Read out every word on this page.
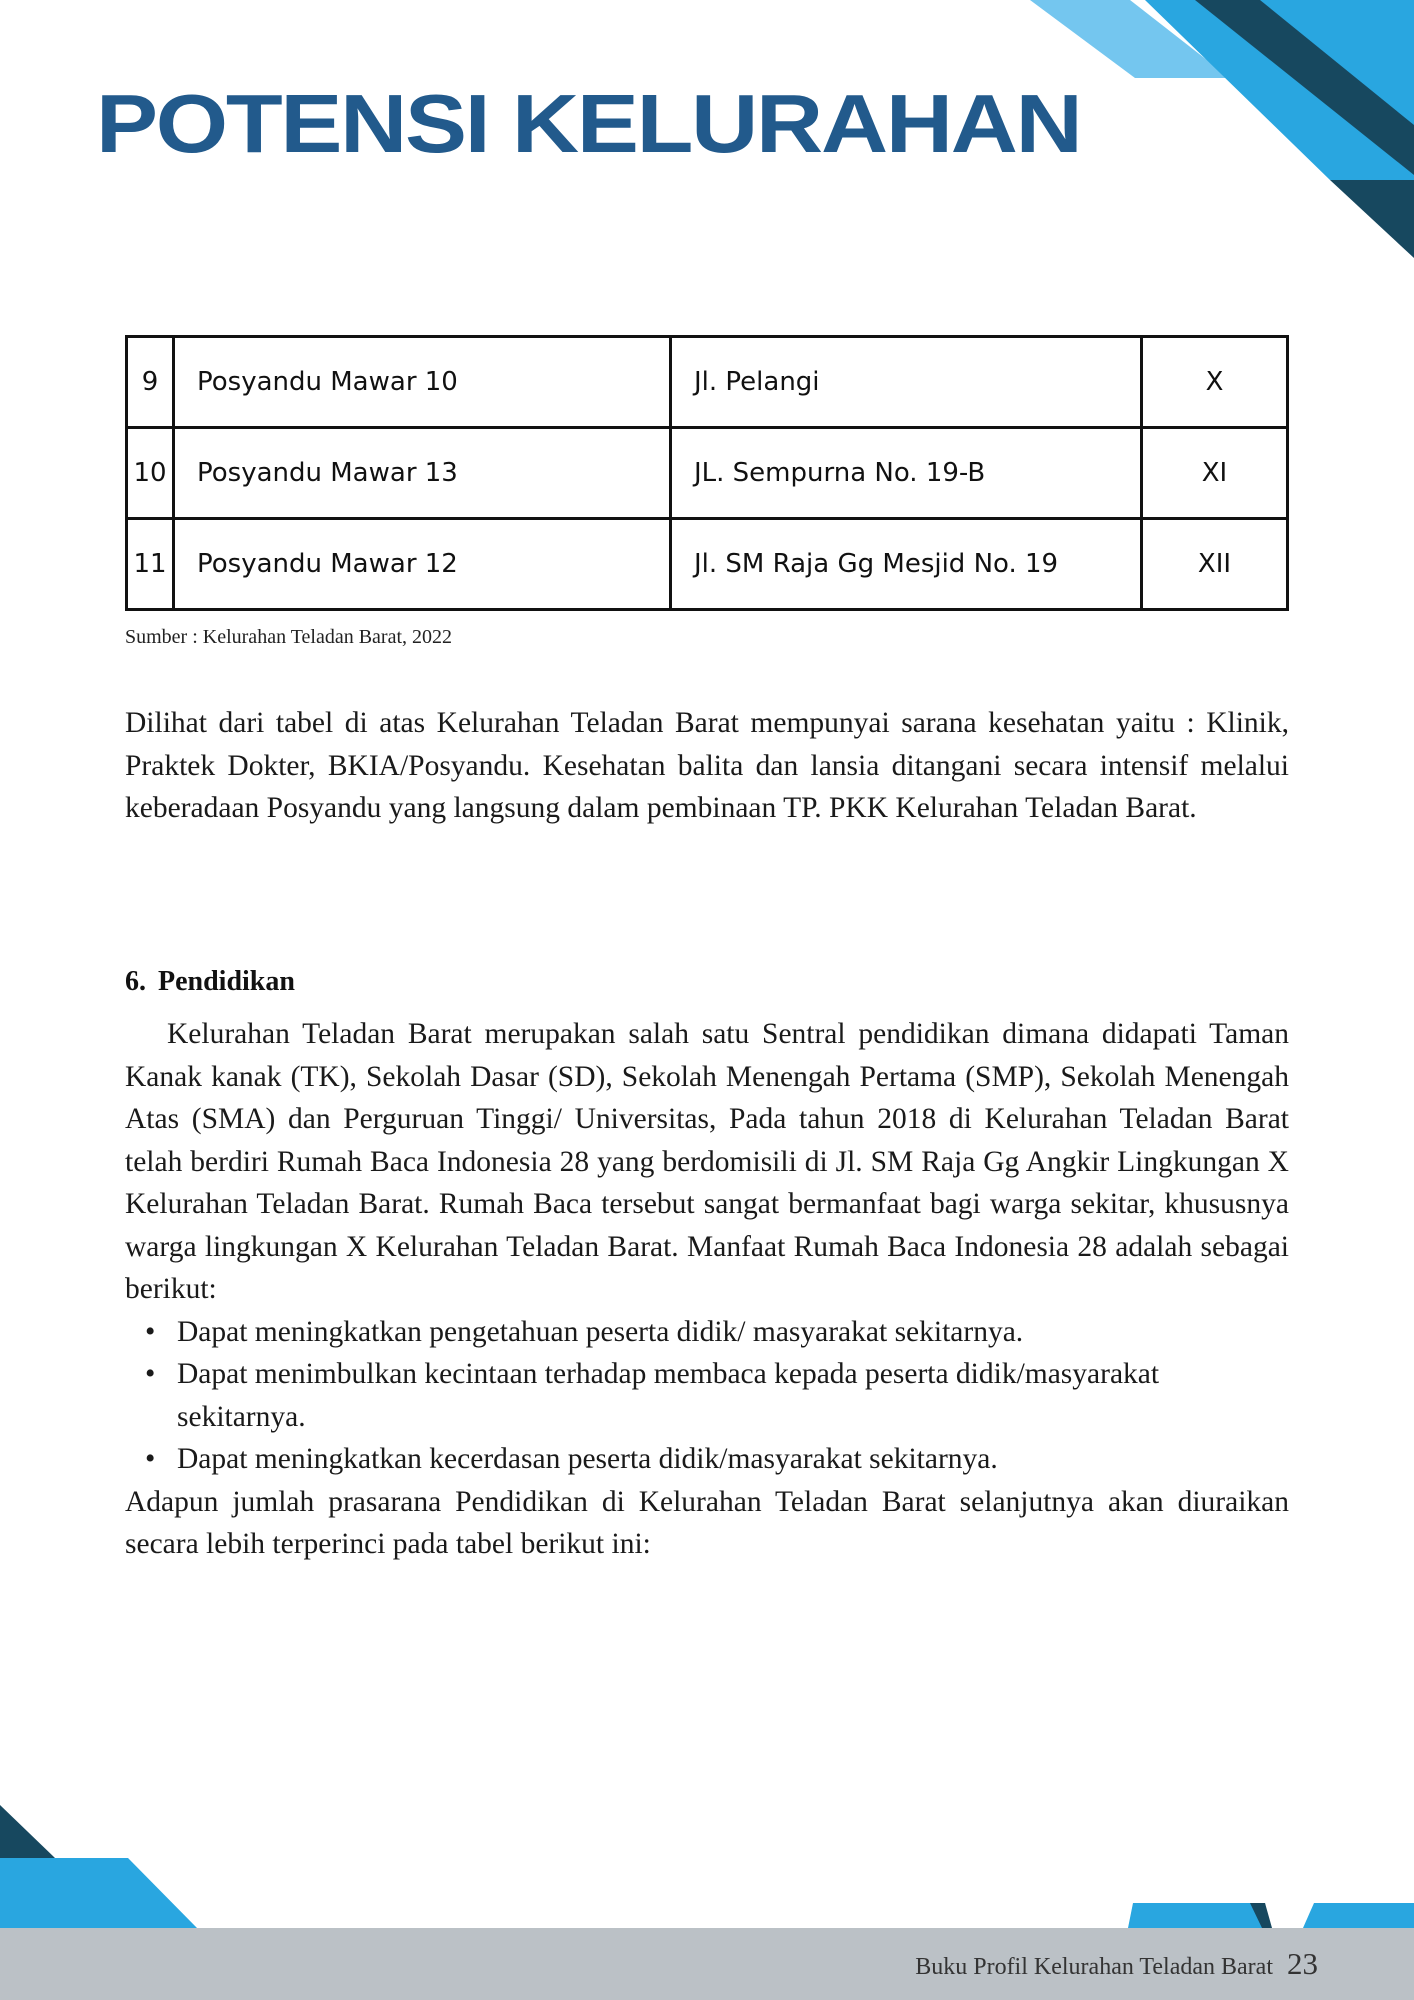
POTENSI KELURAHAN
9	Posyandu Mawar 10	Jl. Pelangi	X
10	Posyandu Mawar 13	JL. Sempurna No. 19-B	XI
11	Posyandu Mawar 12	Jl. SM Raja Gg Mesjid No. 19	XII
Sumber : Kelurahan Teladan Barat, 2022

Dilihat dari tabel di atas Kelurahan Teladan Barat mempunyai sarana kesehatan yaitu : Klinik, Praktek Dokter, BKIA/Posyandu. Kesehatan balita dan lansia ditangani secara intensif melalui keberadaan Posyandu yang langsung dalam pembinaan TP. PKK Kelurahan Teladan Barat.

6. Pendidikan
Kelurahan Teladan Barat merupakan salah satu Sentral pendidikan dimana didapati Taman Kanak kanak (TK), Sekolah Dasar (SD), Sekolah Menengah Pertama (SMP), Sekolah Menengah Atas (SMA) dan Perguruan Tinggi/ Universitas, Pada tahun 2018 di Kelurahan Teladan Barat telah berdiri Rumah Baca Indonesia 28 yang berdomisili di Jl. SM Raja Gg Angkir Lingkungan X Kelurahan Teladan Barat. Rumah Baca tersebut sangat bermanfaat bagi warga sekitar, khususnya warga lingkungan X Kelurahan Teladan Barat. Manfaat Rumah Baca Indonesia 28 adalah sebagai berikut:
• Dapat meningkatkan pengetahuan peserta didik/ masyarakat sekitarnya.
• Dapat menimbulkan kecintaan terhadap membaca kepada peserta didik/masyarakat sekitarnya.
• Dapat meningkatkan kecerdasan peserta didik/masyarakat sekitarnya.
Adapun jumlah prasarana Pendidikan di Kelurahan Teladan Barat selanjutnya akan diuraikan secara lebih terperinci pada tabel berikut ini:
Buku Profil Kelurahan Teladan Barat 23
